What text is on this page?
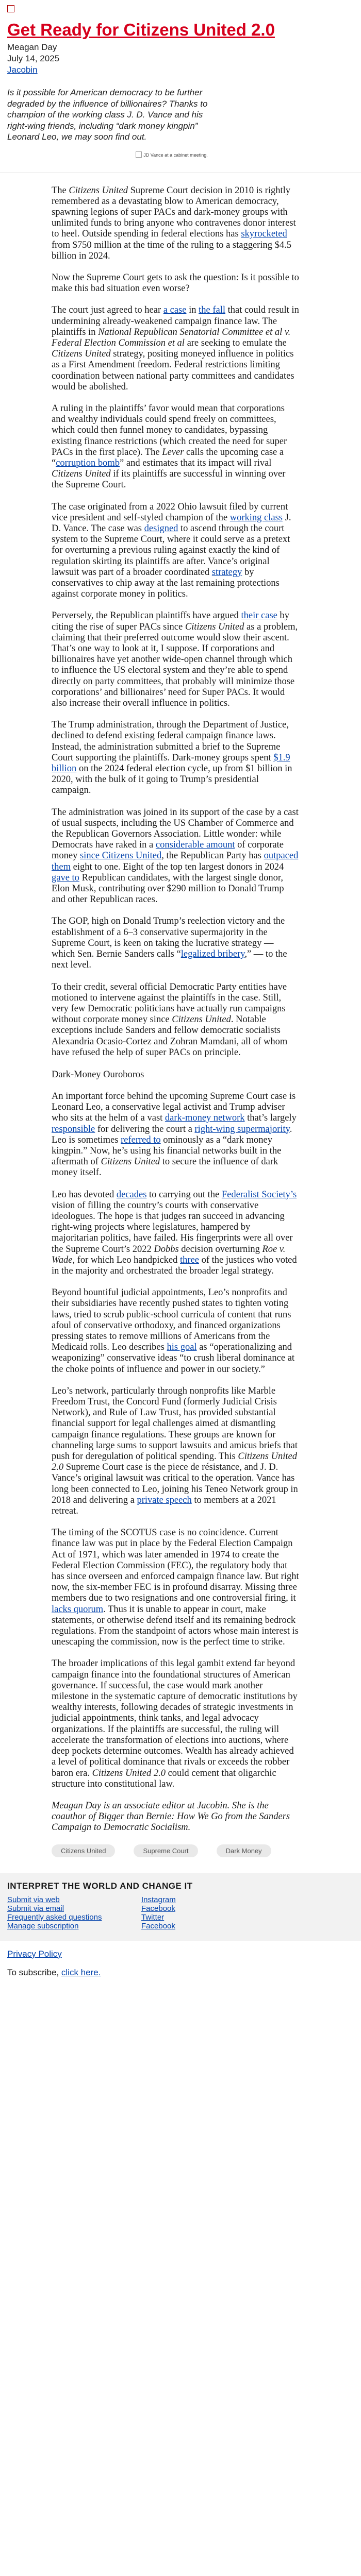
Get Ready for Citizens United 2.0
Meagan Day
July 14, 2025
Jacobin
Is it possible for American democracy to be further degraded by the influence of billionaires? Thanks to champion of the working class J. D. Vance and his right-wing friends, including “dark money kingpin” Leonard Leo, we may soon find out.
JD Vance at a cabinet meeting.

The Citizens United Supreme Court decision in 2010 is rightly remembered as a devastating blow to American democracy, spawning legions of super PACs and dark-money groups with unlimited funds to bring anyone who contravenes donor interest to heel. Outside spending in federal elections has skyrocketed from $750 million at the time of the ruling to a staggering $4.5 billion in 2024.

Now the Supreme Court gets to ask the question: Is it possible to make this bad situation even worse?

The court just agreed to hear a case in the fall that could result in undermining already-weakened campaign finance law. The plaintiffs in National Republican Senatorial Committee et al v. Federal Election Commission et al are seeking to emulate the Citizens United strategy, positing moneyed influence in politics as a First Amendment freedom. Federal restrictions limiting coordination between national party committees and candidates would be abolished.

A ruling in the plaintiffs’ favor would mean that corporations and wealthy individuals could spend freely on committees, which could then funnel money to candidates, bypassing existing finance restrictions (which created the need for super PACs in the first place). The Lever calls the upcoming case a “corruption bomb” and estimates that its impact will rival Citizens United if its plaintiffs are successful in winning over the Supreme Court.

The case originated from a 2022 Ohio lawsuit filed by current vice president and self-styled champion of the working class J. D. Vance. The case was designed to ascend through the court system to the Supreme Court, where it could serve as a pretext for overturning a previous ruling against exactly the kind of regulation skirting its plaintiffs are after. Vance’s original lawsuit was part of a broader coordinated strategy by conservatives to chip away at the last remaining protections against corporate money in politics.

Perversely, the Republican plaintiffs have argued their case by citing the rise of super PACs since Citizens United as a problem, claiming that their preferred outcome would slow their ascent. That’s one way to look at it, I suppose. If corporations and billionaires have yet another wide-open channel through which to influence the US electoral system and they’re able to spend directly on party committees, that probably will minimize those corporations’ and billionaires’ need for Super PACs. It would also increase their overall influence in politics.

The Trump administration, through the Department of Justice, declined to defend existing federal campaign finance laws. Instead, the administration submitted a brief to the Supreme Court supporting the plaintiffs. Dark-money groups spent $1.9 billion on the 2024 federal election cycle, up from $1 billion in 2020, with the bulk of it going to Trump’s presidential campaign.

The administration was joined in its support of the case by a cast of usual suspects, including the US Chamber of Commerce and the Republican Governors Association. Little wonder: while Democrats have raked in a considerable amount of corporate money since Citizens United, the Republican Party has outpaced them eight to one. Eight of the top ten largest donors in 2024 gave to Republican candidates, with the largest single donor, Elon Musk, contributing over $290 million to Donald Trump and other Republican races.

The GOP, high on Donald Trump’s reelection victory and the establishment of a 6–3 conservative supermajority in the Supreme Court, is keen on taking the lucrative strategy — which Sen. Bernie Sanders calls “legalized bribery,” — to the next level.

To their credit, several official Democratic Party entities have motioned to intervene against the plaintiffs in the case. Still, very few Democratic politicians have actually run campaigns without corporate money since Citizens United. Notable exceptions include Sanders and fellow democratic socialists Alexandria Ocasio-Cortez and Zohran Mamdani, all of whom have refused the help of super PACs on principle.

Dark-Money Ouroboros

An important force behind the upcoming Supreme Court case is Leonard Leo, a conservative legal activist and Trump adviser who sits at the helm of a vast dark-money network that’s largely responsible for delivering the court a right-wing supermajority. Leo is sometimes referred to ominously as a “dark money kingpin.” Now, he’s using his financial networks built in the aftermath of Citizens United to secure the influence of dark money itself.

Leo has devoted decades to carrying out the Federalist Society’s vision of filling the country’s courts with conservative ideologues. The hope is that judges ran succeed in advancing right-wing projects where legislatures, hampered by majoritarian politics, have failed. His fingerprints were all over the Supreme Court’s 2022 Dobbs decision overturning Roe v. Wade, for which Leo handpicked three of the justices who voted in the majority and orchestrated the broader legal strategy.

Beyond bountiful judicial appointments, Leo’s nonprofits and their subsidiaries have recently pushed states to tighten voting laws, tried to scrub public-school curricula of content that runs afoul of conservative orthodoxy, and financed organizations pressing states to remove millions of Americans from the Medicaid rolls. Leo describes his goal as “operationalizing and weaponizing” conservative ideas “to crush liberal dominance at the choke points of influence and power in our society.”

Leo’s network, particularly through nonprofits like Marble Freedom Trust, the Concord Fund (formerly Judicial Crisis Network), and Rule of Law Trust, has provided substantial financial support for legal challenges aimed at dismantling campaign finance regulations. These groups are known for channeling large sums to support lawsuits and amicus briefs that push for deregulation of political spending. This Citizens United 2.0 Supreme Court case is the piece de résistance, and J. D. Vance’s original lawsuit was critical to the operation. Vance has long been connected to Leo, joining his Teneo Network group in 2018 and delivering a private speech to members at a 2021 retreat.

The timing of the SCOTUS case is no coincidence. Current finance law was put in place by the Federal Election Campaign Act of 1971, which was later amended in 1974 to create the Federal Election Commission (FEC), the regulatory body that has since overseen and enforced campaign finance law. But right now, the six-member FEC is in profound disarray. Missing three members due to two resignations and one controversial firing, it lacks quorum. Thus it is unable to appear in court, make statements, or otherwise defend itself and its remaining bedrock regulations. From the standpoint of actors whose main interest is unescaping the commission, now is the perfect time to strike.

The broader implications of this legal gambit extend far beyond campaign finance into the foundational structures of American governance. If successful, the case would mark another milestone in the systematic capture of democratic institutions by wealthy interests, following decades of strategic investments in judicial appointments, think tanks, and legal advocacy organizations. If the plaintiffs are successful, the ruling will accelerate the transformation of elections into auctions, where deep pockets determine outcomes. Wealth has already achieved a level of political dominance that rivals or exceeds the robber baron era. Citizens United 2.0 could cement that oligarchic structure into constitutional law.

Meagan Day is an associate editor at Jacobin. She is the coauthor of Bigger than Bernie: How We Go from the Sanders Campaign to Democratic Socialism.

Citizens United	Supreme Court	Dark Money
INTERPRET THE WORLD AND CHANGE IT
Submit via web
Submit via email
Frequently asked questions
Manage subscription
Instagram
Facebook
Twitter
Facebook
Privacy Policy
To subscribe, click here.
